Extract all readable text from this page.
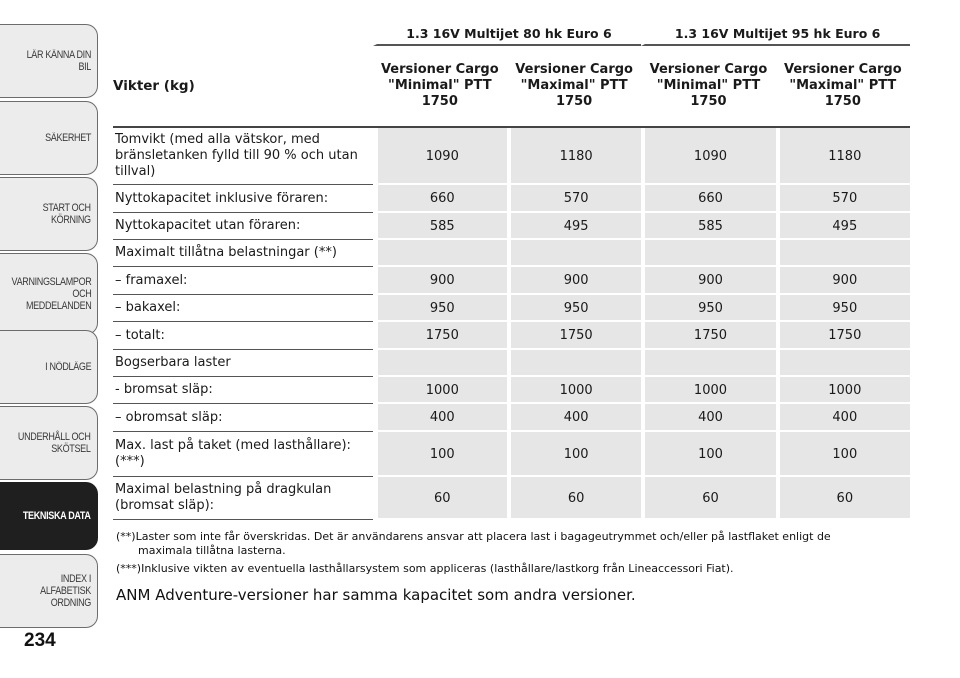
LÄR KÄNNA DIN BIL
SÄKERHET
START OCH
KÖRNING
VARNINGSLAMPOR
OCH
MEDDELANDEN
I NÖDLÄGE
UNDERHÅLL OCH
SKÖTSEL
TEKNISKA DATA
INDEX I ALFABETISK
ORDNING
234
	1.3 16V Multijet 80 hk Euro 6		1.3 16V Multijet 95 hk Euro 6	
Vikter (kg)	Versioner Cargo "Minimal" PTT 1750	Versioner Cargo "Maximal" PTT 1750	Versioner Cargo "Minimal" PTT 1750	Versioner Cargo "Maximal" PTT 1750
Tomvikt (med alla vätskor, med bränsletanken fylld till 90 % och utan tillval)	1090	1180	1090	1180
Nyttokapacitet inklusive föraren:	660	570	660	570
Nyttokapacitet utan föraren:	585	495	585	495
Maximalt tillåtna belastningar (**)				
– framaxel:	900	900	900	900
– bakaxel:	950	950	950	950
– totalt:	1750	1750	1750	1750
Bogserbara laster				
- bromsat släp:	1000	1000	1000	1000
– obromsat släp:	400	400	400	400
Max. last på taket (med lasthållare): (***)	100	100	100	100
Maximal belastning på dragkulan (bromsat släp):	60	60	60	60

(**)Laster som inte får överskridas. Det är användarens ansvar att placera last i bagageutrymmet och/eller på lastflaket enligt de
maximala tillåtna lasterna.

(***)Inklusive vikten av eventuella lasthållarsystem som appliceras (lasthållare/lastkorg från Lineaccessori Fiat).

ANM Adventure-versioner har samma kapacitet som andra versioner.
